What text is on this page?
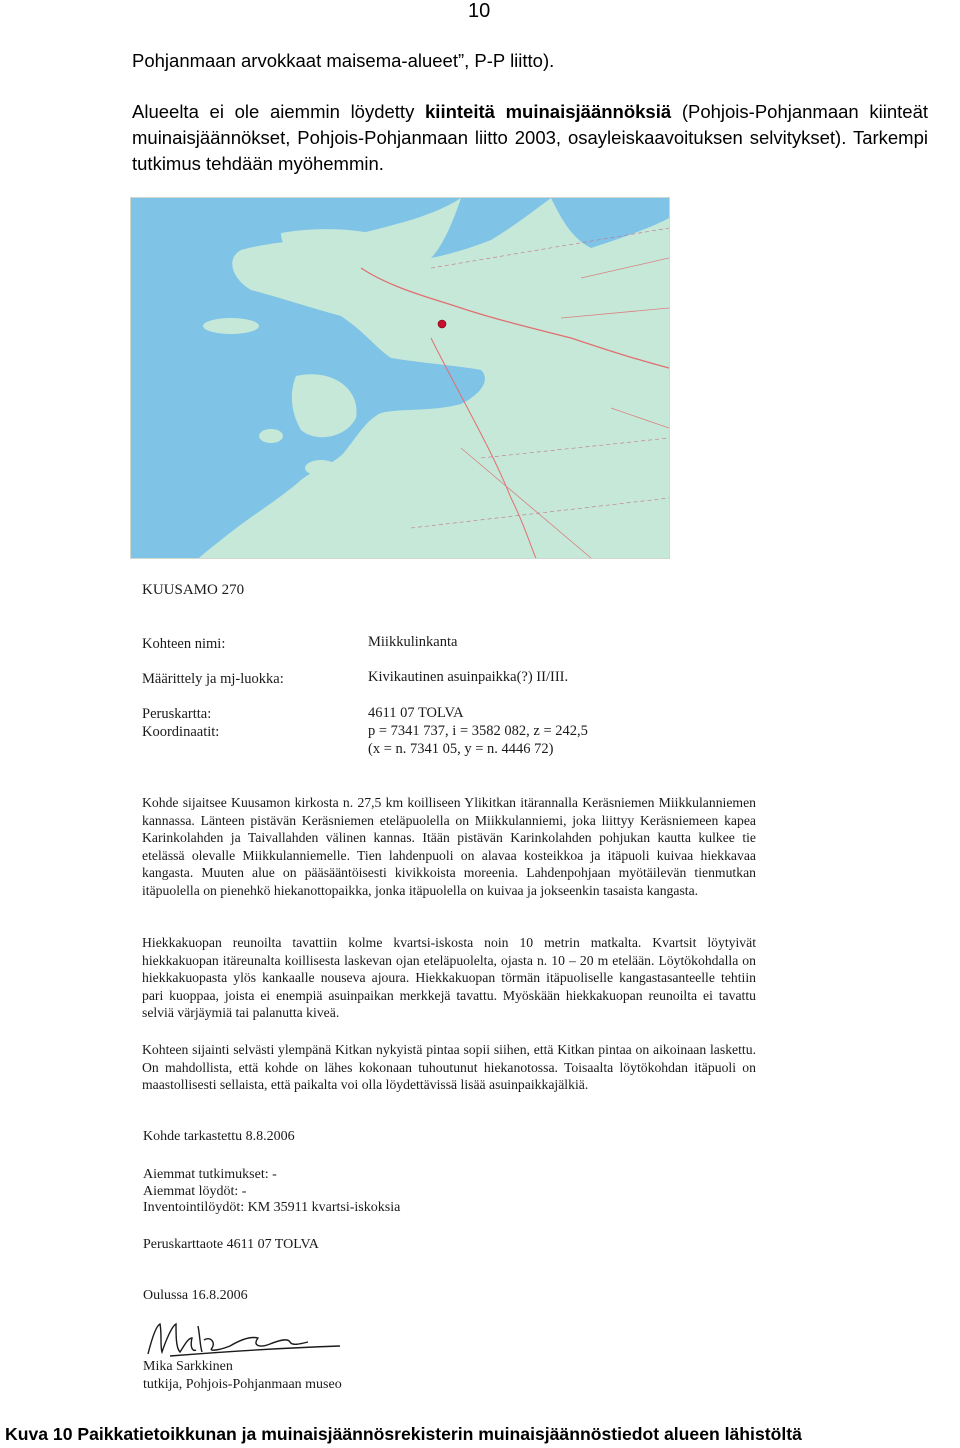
10
Pohjanmaan arvokkaat maisema-alueet”, P-P liitto).
Alueelta ei ole aiemmin löydetty kiinteitä muinaisjäännöksiä (Pohjois-Pohjanmaan kiinteät muinaisjäännökset, Pohjois-Pohjanmaan liitto 2003, osayleiskaavoituksen selvitykset). Tarkempi tutkimus tehdään myöhemmin.
KUUSAMO 270
Kohteen nimi:	Miikkulinkanta
Määrittely ja mj-luokka:	Kivikautinen asuinpaikka(?) II/III.
Peruskartta:	4611 07 TOLVA
Koordinaatit:	p = 7341 737, i = 3582 082, z = 242,5
(x = n. 7341 05, y = n. 4446 72)
Kohde sijaitsee Kuusamon kirkosta n. 27,5 km koilliseen Ylikitkan itärannalla Keräsniemen Miikkulanniemen kannassa. Länteen pistävän Keräsniemen eteläpuolella on Miikkulanniemi, joka liittyy Keräsniemeen kapea Karinkolahden ja Taivallahden välinen kannas. Itään pistävän Karinkolahden pohjukan kautta kulkee tie etelässä olevalle Miikkulanniemelle. Tien lahdenpuoli on alavaa kosteikkoa ja itäpuoli kuivaa hiekkavaa kangasta. Muuten alue on pääsääntöisesti kivikkoista moreenia. Lahdenpohjaan myötäilevän tienmutkan itäpuolella on pienehkö hiekanottopaikka, jonka itäpuolella on kuivaa ja jokseenkin tasaista kangasta.
Hiekkakuopan reunoilta tavattiin kolme kvartsi-iskosta noin 10 metrin matkalta. Kvartsit löytyivät hiekkakuopan itäreunalta koillisesta laskevan ojan eteläpuolelta, ojasta n. 10 – 20 m etelään. Löytökohdalla on hiekkakuopasta ylös kankaalle nouseva ajoura. Hiekkakuopan törmän itäpuoliselle kangastasanteelle tehtiin pari kuoppaa, joista ei enempiä asuinpaikan merkkejä tavattu. Myöskään hiekkakuopan reunoilta ei tavattu selviä värjäymiä tai palanutta kiveä.
Kohteen sijainti selvästi ylempänä Kitkan nykyistä pintaa sopii siihen, että Kitkan pintaa on aikoinaan laskettu. On mahdollista, että kohde on lähes kokonaan tuhoutunut hiekanotossa. Toisaalta löytökohdan itäpuoli on maastollisesti sellaista, että paikalta voi olla löydettävissä lisää asuinpaikkajälkiä.
Kohde tarkastettu 8.8.2006
Aiemmat tutkimukset: -
Aiemmat löydöt: -
Inventointilöydöt: KM 35911 kvartsi-iskoksia
Peruskarttaote 4611 07 TOLVA
Oulussa 16.8.2006
Mika Sarkkinen
tutkija, Pohjois-Pohjanmaan museo
Kuva 10 Paikkatietoikkunan ja muinaisjäännösrekisterin muinaisjäännöstiedot alueen lähistöltä
